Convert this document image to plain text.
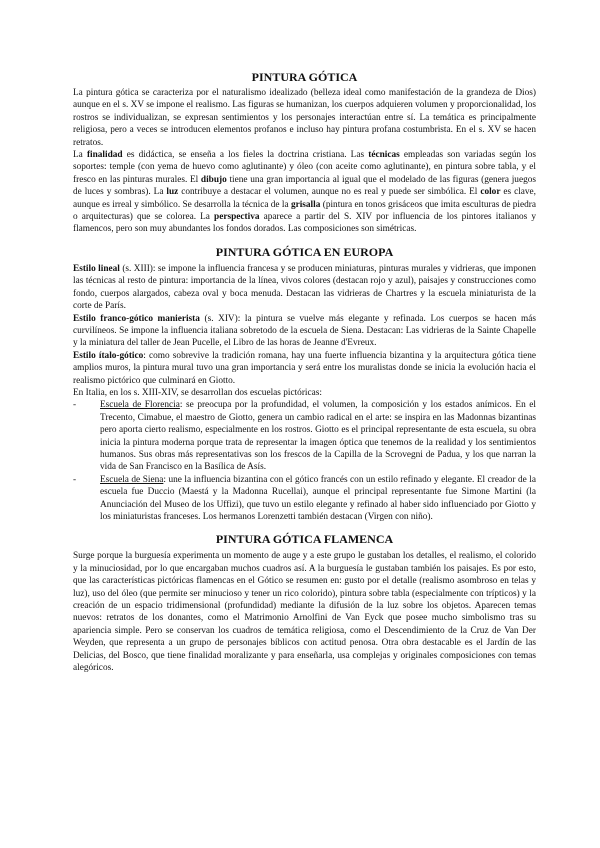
PINTURA GÓTICA

La pintura gótica se caracteriza por el naturalismo idealizado (belleza ideal como manifestación de la grandeza de Dios) aunque en el s. XV se impone el realismo. Las figuras se humanizan, los cuerpos adquieren volumen y proporcionalidad, los rostros se individualizan, se expresan sentimientos y los personajes interactúan entre sí. La temática es principalmente religiosa, pero a veces se introducen elementos profanos e incluso hay pintura profana costumbrista. En el s. XV se hacen retratos.

La finalidad es didáctica, se enseña a los fieles la doctrina cristiana. Las técnicas empleadas son variadas según los soportes: temple (con yema de huevo como aglutinante) y óleo (con aceite como aglutinante), en pintura sobre tabla, y el fresco en las pinturas murales. El dibujo tiene una gran importancia al igual que el modelado de las figuras (genera juegos de luces y sombras). La luz contribuye a destacar el volumen, aunque no es real y puede ser simbólica. El color es clave, aunque es irreal y simbólico. Se desarrolla la técnica de la grisalla (pintura en tonos grisáceos que imita esculturas de piedra o arquitecturas) que se colorea. La perspectiva aparece a partir del S. XIV por influencia de los pintores italianos y flamencos, pero son muy abundantes los fondos dorados. Las composiciones son simétricas.

PINTURA GÓTICA EN EUROPA

Estilo lineal (s. XIII): se impone la influencia francesa y se producen miniaturas, pinturas murales y vidrieras, que imponen las técnicas al resto de pintura: importancia de la línea, vivos colores (destacan rojo y azul), paisajes y construcciones como fondo, cuerpos alargados, cabeza oval y boca menuda. Destacan las vidrieras de Chartres y la escuela miniaturista de la corte de París.

Estilo franco-gótico manierista (s. XIV): la pintura se vuelve más elegante y refinada. Los cuerpos se hacen más curvilíneos. Se impone la influencia italiana sobretodo de la escuela de Siena. Destacan: Las vidrieras de la Sainte Chapelle y la miniatura del taller de Jean Pucelle, el Libro de las horas de Jeanne d'Evreux.

Estilo ítalo-gótico: como sobrevive la tradición romana, hay una fuerte influencia bizantina y la arquitectura gótica tiene amplios muros, la pintura mural tuvo una gran importancia y será entre los muralistas donde se inicia la evolución hacia el realismo pictórico que culminará en Giotto.

En Italia, en los s. XIII-XIV, se desarrollan dos escuelas pictóricas:

- Escuela de Florencia: se preocupa por la profundidad, el volumen, la composición y los estados anímicos. En el Trecento, Cimabue, el maestro de Giotto, genera un cambio radical en el arte: se inspira en las Madonnas bizantinas pero aporta cierto realismo, especialmente en los rostros. Giotto es el principal representante de esta escuela, su obra inicia la pintura moderna porque trata de representar la imagen óptica que tenemos de la realidad y los sentimientos humanos. Sus obras más representativas son los frescos de la Capilla de la Scrovegni de Padua, y los que narran la vida de San Francisco en la Basílica de Asís.
- Escuela de Siena: une la influencia bizantina con el gótico francés con un estilo refinado y elegante. El creador de la escuela fue Duccio (Maestá y la Madonna Rucellai), aunque el principal representante fue Simone Martini (la Anunciación del Museo de los Uffizi), que tuvo un estilo elegante y refinado al haber sido influenciado por Giotto y los miniaturistas franceses. Los hermanos Lorenzetti también destacan (Virgen con niño).
PINTURA GÓTICA FLAMENCA

Surge porque la burguesía experimenta un momento de auge y a este grupo le gustaban los detalles, el realismo, el colorido y la minuciosidad, por lo que encargaban muchos cuadros así. A la burguesía le gustaban también los paisajes. Es por esto, que las características pictóricas flamencas en el Gótico se resumen en: gusto por el detalle (realismo asombroso en telas y luz), uso del óleo (que permite ser minucioso y tener un rico colorido), pintura sobre tabla (especialmente con trípticos) y la creación de un espacio tridimensional (profundidad) mediante la difusión de la luz sobre los objetos. Aparecen temas nuevos: retratos de los donantes, como el Matrimonio Arnolfini de Van Eyck que posee mucho simbolismo tras su apariencia simple. Pero se conservan los cuadros de temática religiosa, como el Descendimiento de la Cruz de Van Der Weyden, que representa a un grupo de personajes bíblicos con actitud penosa. Otra obra destacable es el Jardín de las Delicias, del Bosco, que tiene finalidad moralizante y para enseñarla, usa complejas y originales composiciones con temas alegóricos.
